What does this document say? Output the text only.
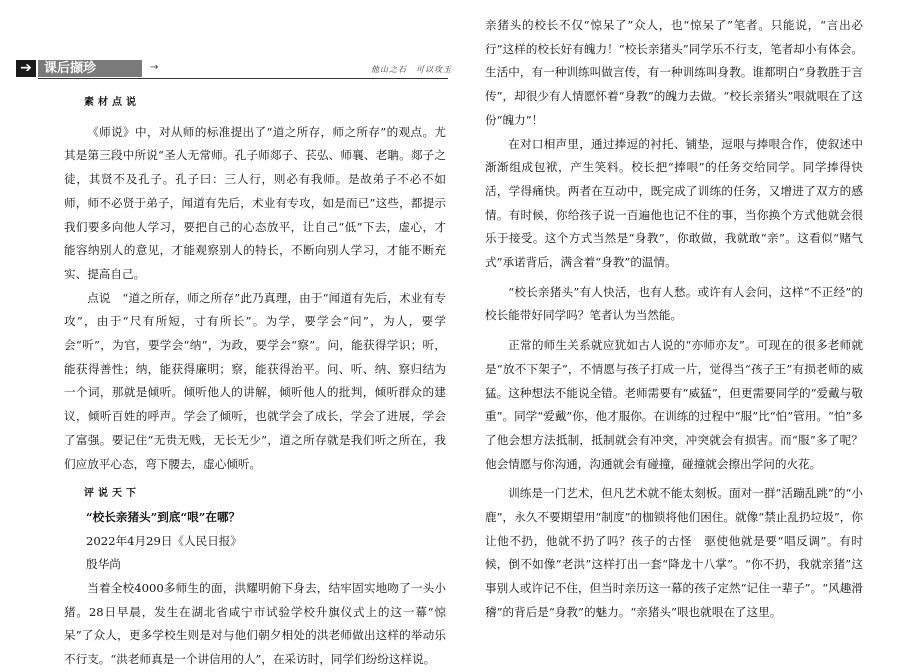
➔ 课后撷珍	→	他山之石　可以攻玉
素材点说

《师说》中，对从师的标准提出了“道之所存，师之所存”的观点。尤其是第三段中所说“圣人无常师。孔子师郯子、苌弘、师襄、老聃。郯子之徒，其贤不及孔子。孔子曰：三人行，则必有我师。是故弟子不必不如师，师不必贤于弟子，闻道有先后，术业有专攻，如是而已”这些，都提示我们要多向他人学习，要把自己的心态放平，让自己“低”下去，虚心，才能容纳别人的意见，才能观察别人的特长，不断向别人学习，才能不断充实、提高自己。

点说　“道之所存，师之所存”此乃真理，由于“闻道有先后，术业有专攻”，由于“尺有所短，寸有所长”。为学，要学会“问”，为人，要学会“听”，为官，要学会“纳”，为政，要学会“察”。问，能获得学识；听，能获得善性；纳，能获得廉明；察，能获得治平。问、听、纳、察归结为一个词，那就是倾听。倾听他人的讲解，倾听他人的批判，倾听群众的建议，倾听百姓的呼声。学会了倾听，也就学会了成长，学会了进展，学会了富强。要记住“无贵无贱，无长无少”，道之所存就是我们听之所在，我们应放平心态，弯下腰去，虚心倾听。

评说天下

“校长亲猪头”到底“哏”在哪？

2022年4月29日《人民日报》

殷华尚

当着全校4000多师生的面，洪耀明俯下身去，结牢固实地吻了一头小猪。28日早晨，发生在湖北省咸宁市试验学校升旗仪式上的这一幕“惊呆”了众人，更多学校生则是对与他们朝夕相处的洪老师做出这样的举动乐不行支。“洪老师真是一个讲信用的人”，在采访时，同学们纷纷这样说。

亲猪头的校长不仅“惊呆了”众人，也“惊呆了”笔者。只能说，“言出必行”这样的校长好有魄力！“校长亲猪头”同学乐不行支，笔者却小有体会。生活中，有一种训练叫做言传，有一种训练叫身教。谁都明白“身教胜于言传”，却很少有人情愿怀着“身教”的魄力去做。“校长亲猪头”哏就哏在了这份“魄力”！

在对口相声里，通过捧逗的衬托、铺垫，逗哏与捧哏合作，使叙述中渐渐组成包袱，产生笑料。校长把“捧哏”的任务交给同学。同学捧得快活，学得痛快。两者在互动中，既完成了训练的任务，又增进了双方的感情。有时候，你给孩子说一百遍他也记不住的事，当你换个方式他就会很乐于接受。这个方式当然是“身教”，你敢做，我就敢“亲”。这看似“赌气式”承诺背后，满含着“身教”的温情。

“校长亲猪头”有人快活，也有人愁。或许有人会问，这样“不正经”的校长能带好同学吗？笔者认为当然能。

正常的师生关系就应犹如古人说的“亦师亦友”。可现在的很多老师就是“放不下架子”，不情愿与孩子打成一片，觉得当“孩子王”有损老师的威猛。这种想法不能说全错。老师需要有“威猛”，但更需要同学的“爱戴与敬重”。同学“爱戴”你，他才服你。在训练的过程中“服”比“怕”管用。“怕”多了他会想方法抵制，抵制就会有冲突，冲突就会有损害。而“服”多了呢？他会情愿与你沟通，沟通就会有碰撞，碰撞就会擦出学问的火花。

训练是一门艺术，但凡艺术就不能太刻板。面对一群“活蹦乱跳”的“小鹿”，永久不要期望用“制度”的枷锁将他们困住。就像“禁止乱扔垃圾”，你让他不扔，他就不扔了吗？孩子的古怪　驱使他就是要“唱反调”。有时候，倒不如像“老洪”这样打出一套“降龙十八掌”。“你不扔，我就亲猪”这事别人或许记不住，但当时亲历这一幕的孩子定然“记住一辈子”。“风趣滑稽”的背后是“身教”的魅力。“亲猪头”哏也就哏在了这里。
